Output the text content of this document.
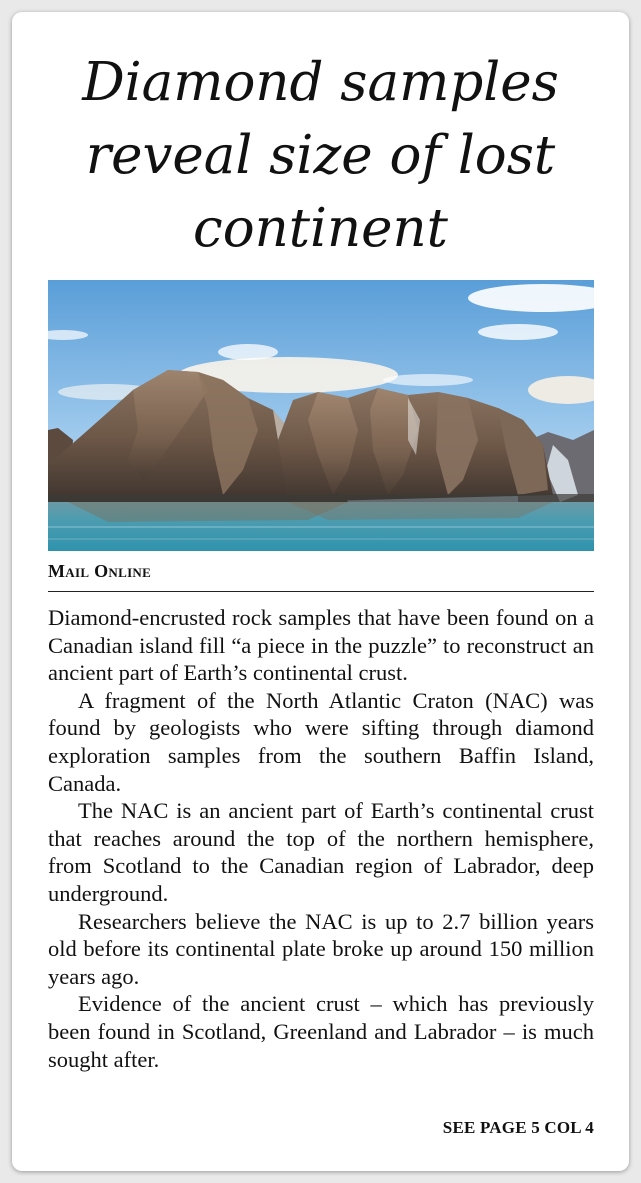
Diamond samples reveal size of lost continent
Mail Online

Diamond-encrusted rock samples that have been found on a Canadian island fill “a piece in the puzzle” to reconstruct an ancient part of Earth’s continental crust.

A fragment of the North Atlantic Craton (NAC) was found by geologists who were sifting through diamond exploration samples from the southern Baffin Island, Canada.

The NAC is an ancient part of Earth’s continental crust that reaches around the top of the northern hemisphere, from Scotland to the Canadian region of Labrador, deep underground.

Researchers believe the NAC is up to 2.7 billion years old before its continental plate broke up around 150 million years ago.

Evidence of the ancient crust – which has previously been found in Scotland, Greenland and Labrador – is much sought after.

SEE PAGE 5 COL 4
